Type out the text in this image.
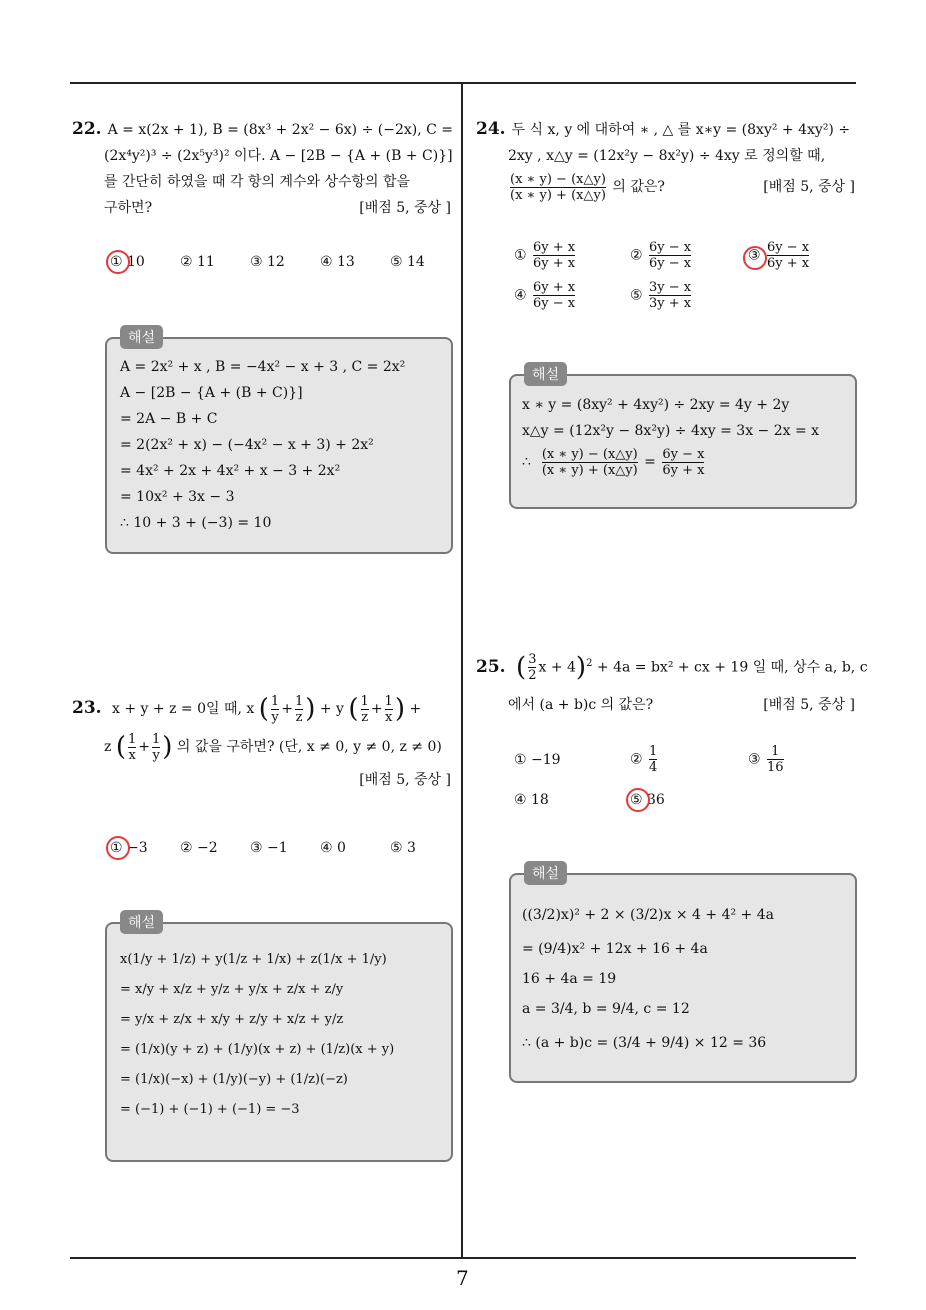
22. A = x(2x + 1), B = (8x³ + 2x² − 6x) ÷ (−2x), C =
(2x⁴y²)³ ÷ (2x⁵y³)² 이다. A − [2B − {A + (B + C)}]
를 간단히 하였을 때 각 항의 계수와 상수항의 합을
구하면?	[배점 5, 중상 ]
① 10	② 11	③ 12	④ 13	⑤ 14
해설
A = 2x² + x , B = −4x² − x + 3 , C = 2x²
A − [2B − {A + (B + C)}]
= 2A − B + C
= 2(2x² + x) − (−4x² − x + 3) + 2x²
= 4x² + 2x + 4x² + x − 3 + 2x²
= 10x² + 3x − 3
∴ 10 + 3 + (−3) = 10
23. x + y + z = 0일 때, x ( $\frac{1}{y} + \frac{1}{z}$ ) + y ( $\frac{1}{z} + \frac{1}{x}$ ) +
z ( $\frac{1}{x} + \frac{1}{y}$ ) 의 값을 구하면? (단, x ≠ 0, y ≠ 0, z ≠ 0)
[배점 5, 중상 ]
① −3 ② −2 ③ −1 ④ 0	⑤ 3
해설
x(1/y + 1/z) + y(1/z + 1/x) + z(1/x + 1/y)
= x/y + x/z + y/z + y/x + z/x + z/y
= y/x + z/x + x/y + z/y + x/z + y/z
= (1/x)(y + z) + (1/y)(x + z) + (1/z)(x + y)
= (1/x)(−x) + (1/y)(−y) + (1/z)(−z)
= (−1) + (−1) + (−1) = −3
24. 두 식 x, y 에 대하여 ∗ , △ 를 x∗y = (8xy² + 4xy²) ÷
2xy , x△y = (12x²y − 8x²y) ÷ 4xy 로 정의할 때,
$\frac{(x ∗ y) - (x\triangle y)}{(x ∗ y) + (x\triangle y)}$ 의 값은?	[배점 5, 중상 ]
① $\frac{6y + x}{6y + x}$	② $\frac{6y - x}{6y - x}$	③ $\frac{6y - x}{6y + x}$
④ $\frac{6y + x}{6y - x}$	⑤ $\frac{3y - x}{3y + x}$
해설
x ∗ y = (8xy² + 4xy²) ÷ 2xy = 4y + 2y
x△y = (12x²y − 8x²y) ÷ 4xy = 3x − 2x = x
∴ $\frac{(x ∗ y) - (x\triangle y)}{(x ∗ y) + (x\triangle y)} = \frac{6y - x}{6y + x}$
25. ( $\frac{3}{2}$ x + 4)$^2$ + 4a = bx² + cx + 19 일 때, 상수 a, b, c
에서 (a + b)c 의 값은?	[배점 5, 중상 ]
① −19	② $\frac{1}{4}$	③ $\frac{1}{16}$
④ 18	⑤ 36
해설
((3/2)x)² + 2 × (3/2)x × 4 + 4² + 4a
= (9/4)x² + 12x + 16 + 4a
16 + 4a = 19
a = 3/4, b = 9/4, c = 12
∴ (a + b)c = (3/4 + 9/4) × 12 = 36
7
